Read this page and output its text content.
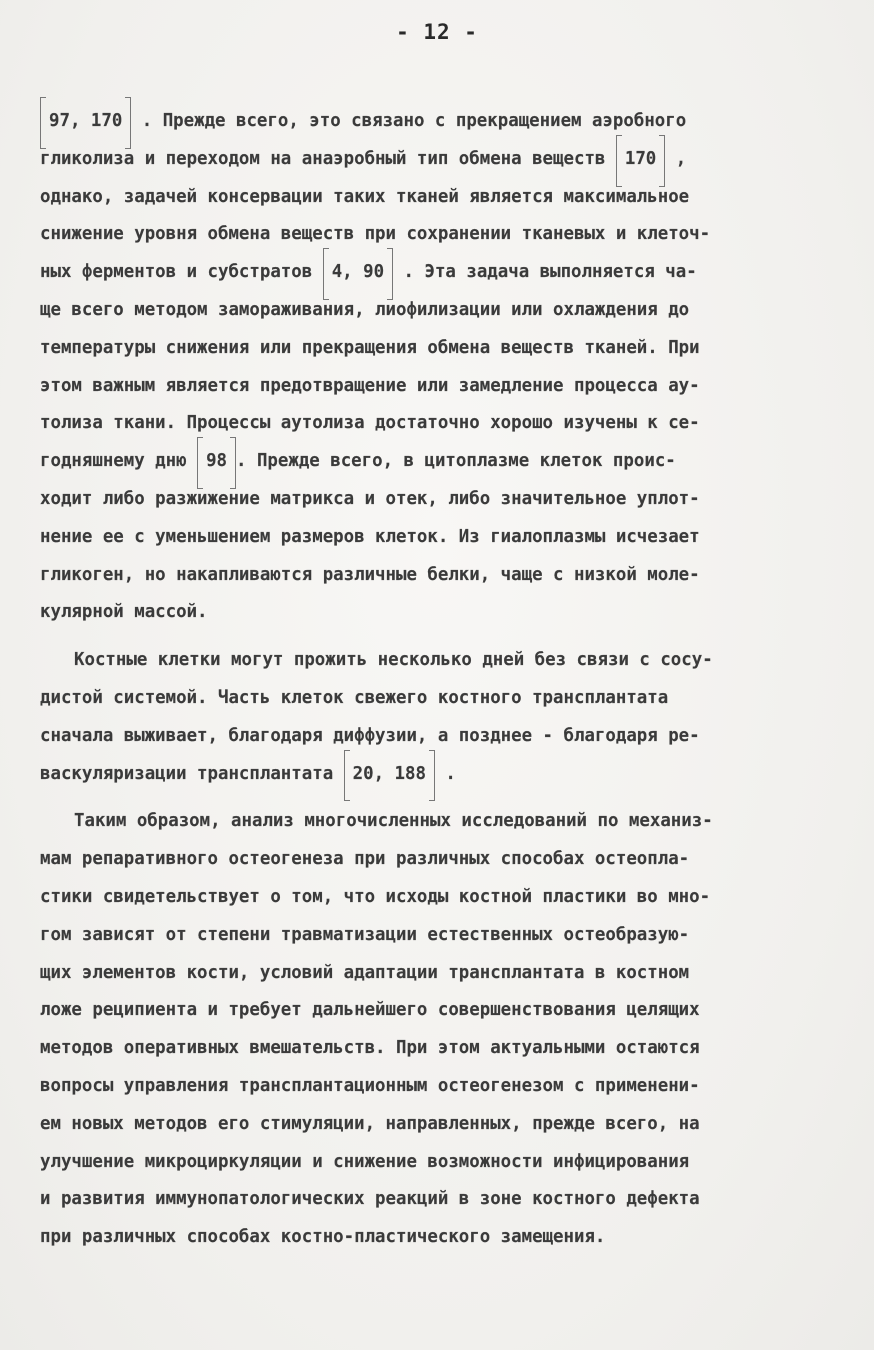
- 12 -
97, 170 . Прежде всего, это связано с прекращением аэробного
гликолиза и переходом на анаэробный тип обмена веществ 170 ,
однако, задачей консервации таких тканей является максимальное
снижение уровня обмена веществ при сохранении тканевых и клеточ-
ных ферментов и субстратов 4, 90 . Эта задача выполняется ча-
ще всего методом замораживания, лиофилизации или охлаждения до
температуры снижения или прекращения обмена веществ тканей. При
этом важным является предотвращение или замедление процесса ау-
толиза ткани. Процессы аутолиза достаточно хорошо изучены к се-
годняшнему дню 98 . Прежде всего, в цитоплазме клеток проис-
ходит либо разжижение матрикса и отек, либо значительное уплот-
нение ее с уменьшением размеров клеток. Из гиалоплазмы исчезает
гликоген, но накапливаются различные белки, чаще с низкой моле-
кулярной массой.
Костные клетки могут прожить несколько дней без связи с сосу-
дистой системой. Часть клеток свежего костного трансплантата
сначала выживает, благодаря диффузии, а позднее - благодаря ре-
васкуляризации трансплантата 20, 188 .
Таким образом, анализ многочисленных исследований по механиз-
мам репаративного остеогенеза при различных способах остеопла-
стики свидетельствует о том, что исходы костной пластики во мно-
гом зависят от степени травматизации естественных остеобразую-
щих элементов кости, условий адаптации трансплантата в костном
ложе реципиента и требует дальнейшего совершенствования целящих
методов оперативных вмешательств. При этом актуальными остаются
вопросы управления трансплантационным остеогенезом с применени-
ем новых методов его стимуляции, направленных, прежде всего, на
улучшение микроциркуляции и снижение возможности инфицирования
и развития иммунопатологических реакций в зоне костного дефекта
при различных способах костно-пластического замещения.
